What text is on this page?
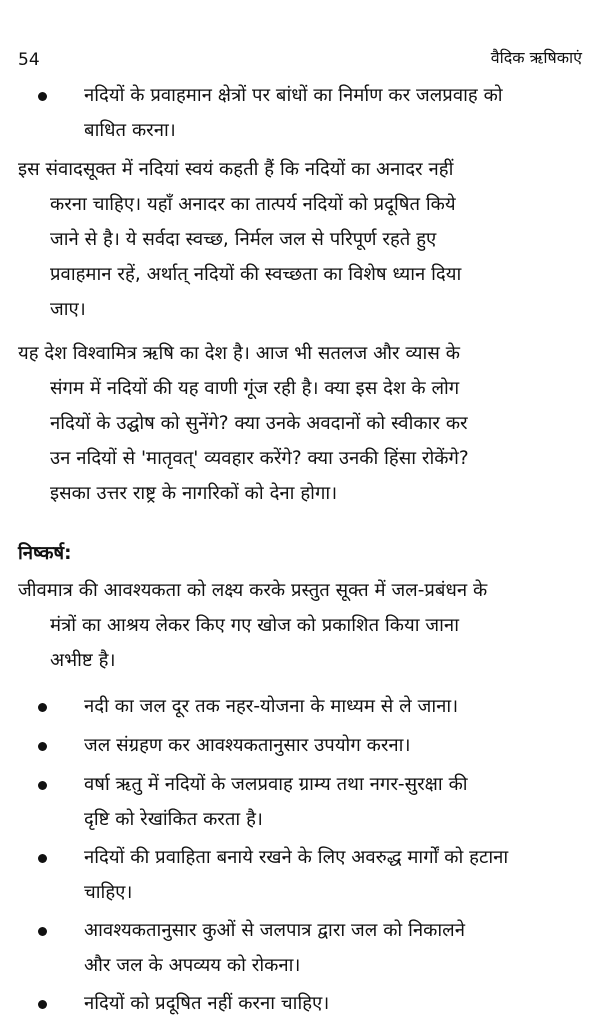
54	वैदिक ऋषिकाएं
नदियों के प्रवाहमान क्षेत्रों पर बांधों का निर्माण कर जलप्रवाह को
बाधित करना।
इस संवादसूक्त में नदियां स्वयं कहती हैं कि नदियों का अनादर नहीं
करना चाहिए। यहाँ अनादर का तात्पर्य नदियों को प्रदूषित किये
जाने से है। ये सर्वदा स्वच्छ, निर्मल जल से परिपूर्ण रहते हुए
प्रवाहमान रहें, अर्थात् नदियों की स्वच्छता का विशेष ध्यान दिया
जाए।
यह देश विश्वामित्र ऋषि का देश है। आज भी सतलज और व्यास के
संगम में नदियों की यह वाणी गूंज रही है। क्या इस देश के लोग
नदियों के उद्घोष को सुनेंगे? क्या उनके अवदानों को स्वीकार कर
उन नदियों से 'मातृवत्' व्यवहार करेंगे? क्या उनकी हिंसा रोकेंगे?
इसका उत्तर राष्ट्र के नागरिकों को देना होगा।
निष्कर्ष:
जीवमात्र की आवश्यकता को लक्ष्य करके प्रस्तुत सूक्त में जल-प्रबंधन के
मंत्रों का आश्रय लेकर किए गए खोज को प्रकाशित किया जाना
अभीष्ट है।
नदी का जल दूर तक नहर-योजना के माध्यम से ले जाना।
जल संग्रहण कर आवश्यकतानुसार उपयोग करना।
वर्षा ऋतु में नदियों के जलप्रवाह ग्राम्य तथा नगर-सुरक्षा की
दृष्टि को रेखांकित करता है।
नदियों की प्रवाहिता बनाये रखने के लिए अवरुद्ध मार्गों को हटाना
चाहिए।
आवश्यकतानुसार कुओं से जलपात्र द्वारा जल को निकालने
और जल के अपव्यय को रोकना।
नदियों को प्रदूषित नहीं करना चाहिए।
